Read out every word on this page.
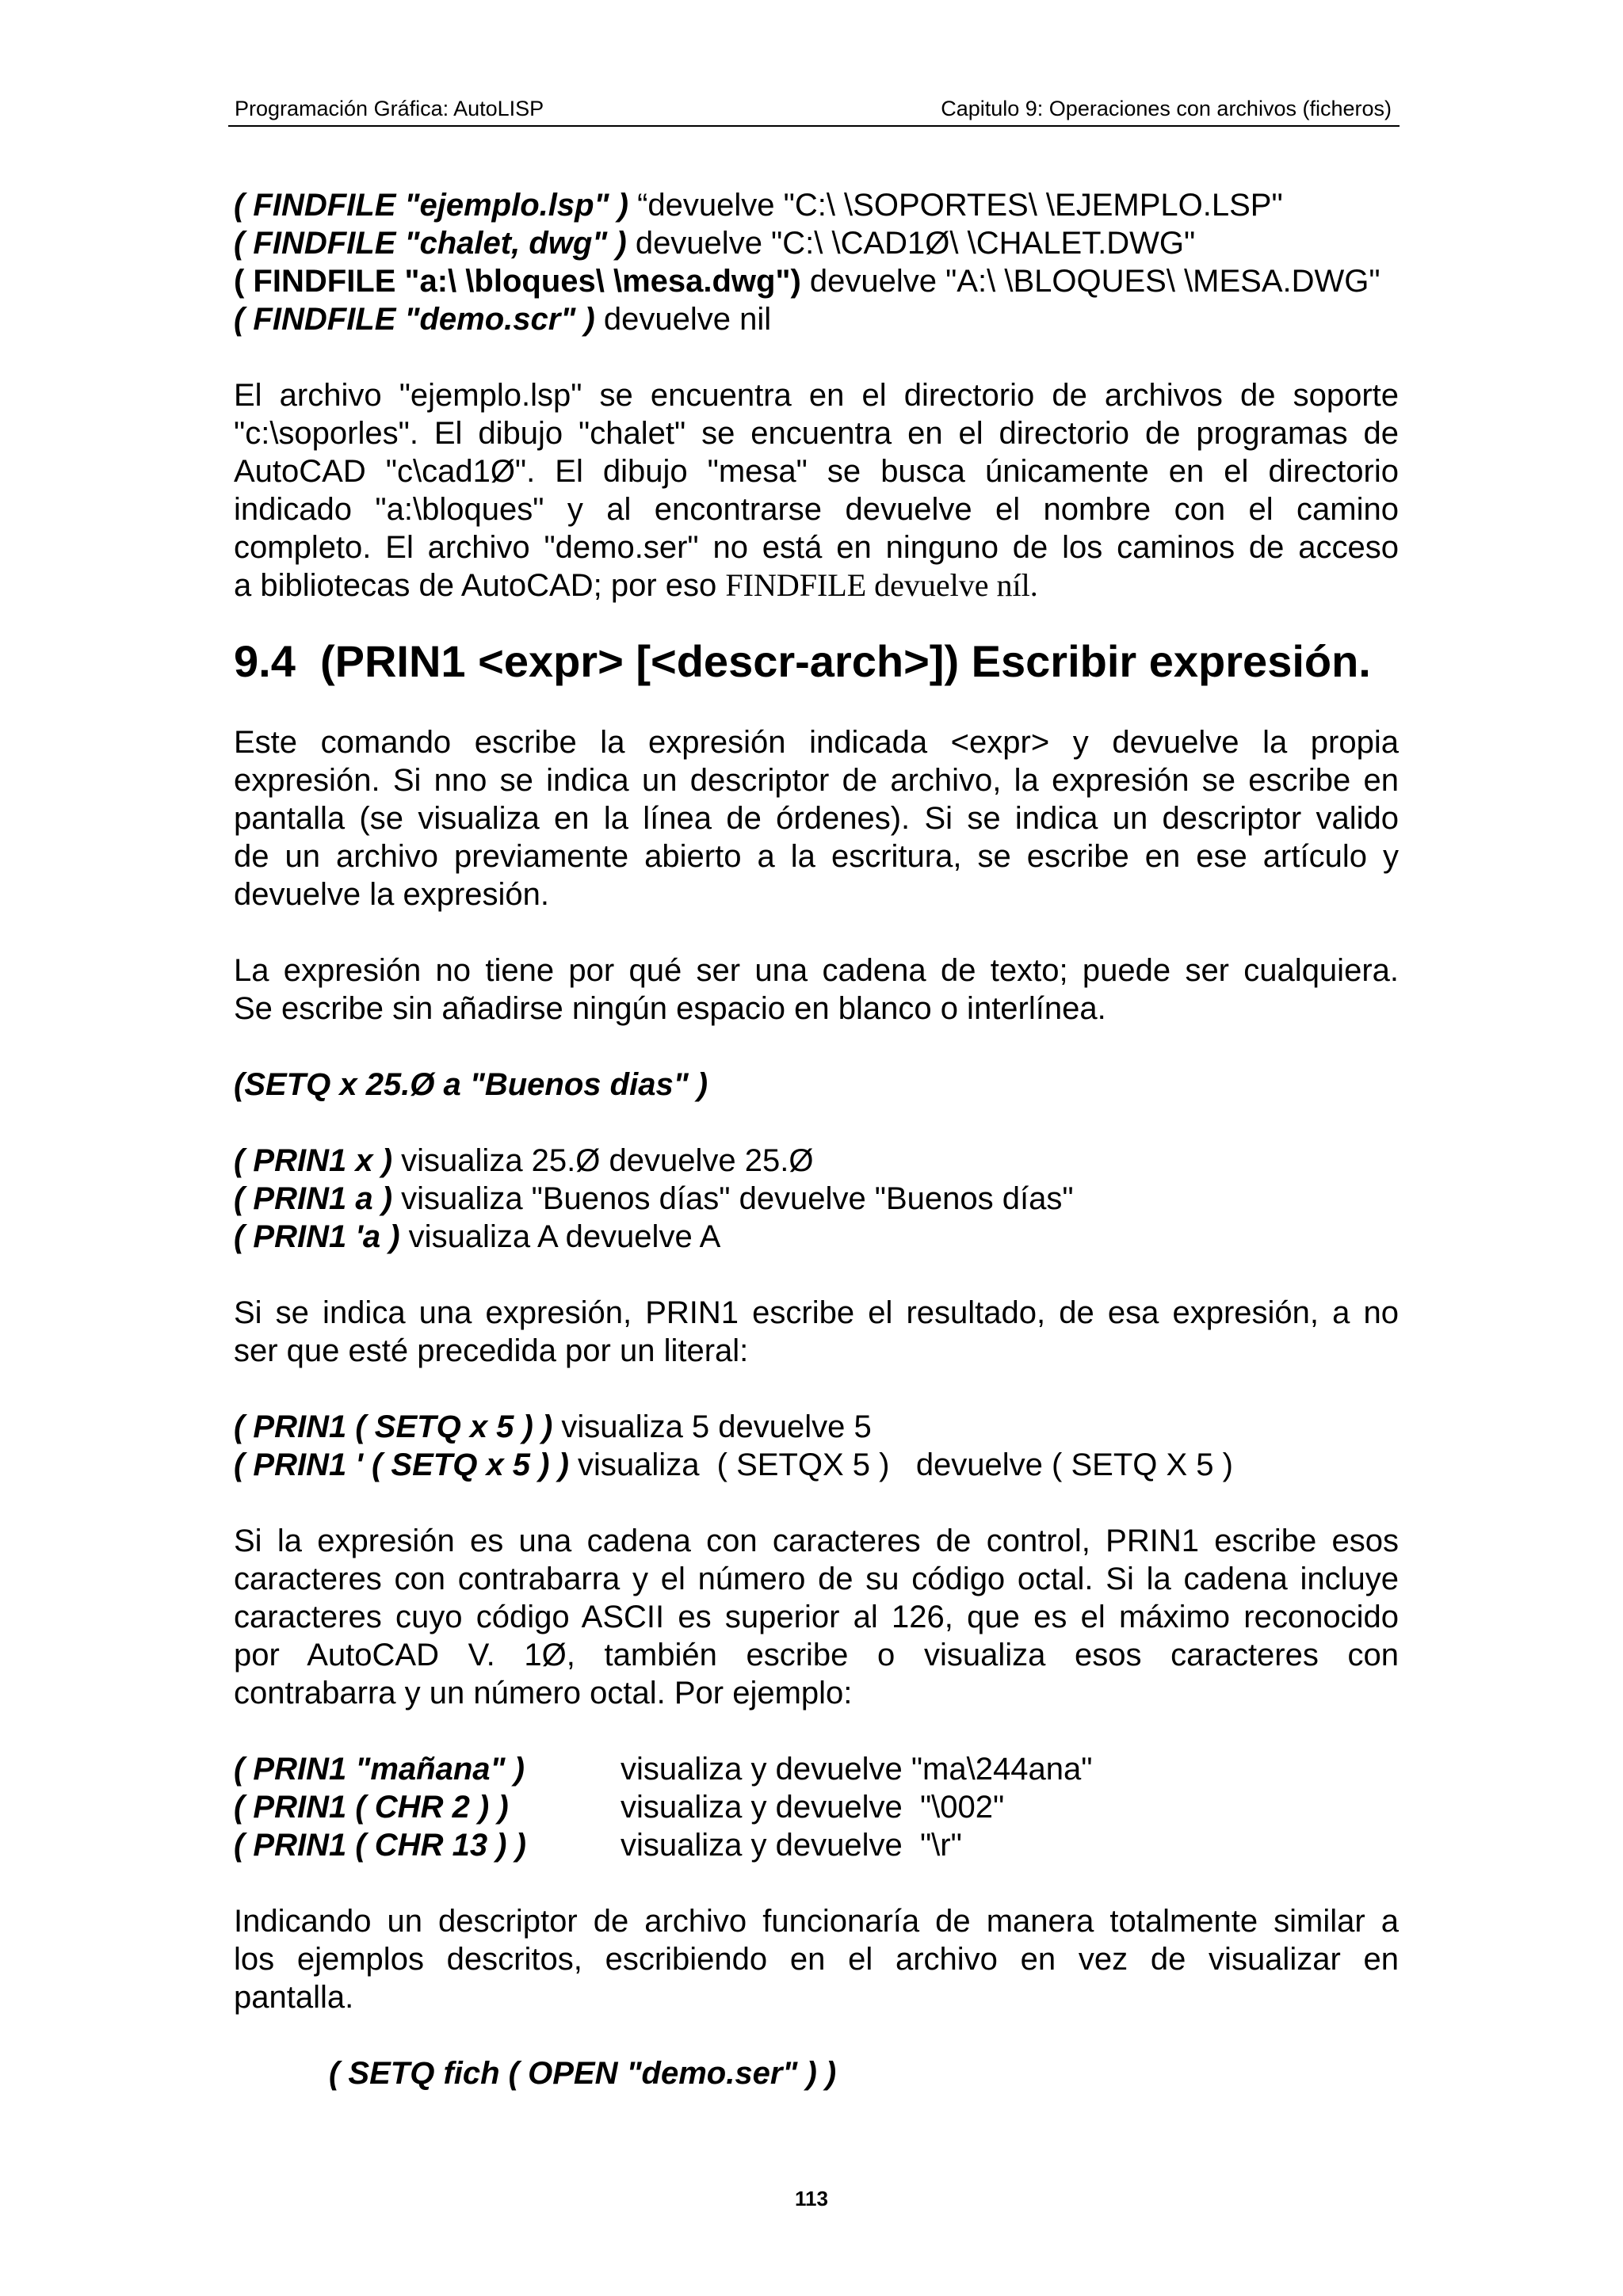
Programación Gráfica: AutoLISP	Capitulo 9: Operaciones con archivos (ficheros)
( FINDFILE "ejemplo.lsp" ) “devuelve "C:\ \SOPORTES\ \EJEMPLO.LSP"
( FINDFILE "chalet, dwg" ) devuelve "C:\ \CAD1Ø\ \CHALET.DWG"
( FINDFILE "a:\ \bloques\ \mesa.dwg") devuelve "A:\ \BLOQUES\ \MESA.DWG"
( FINDFILE "demo.scr" ) devuelve nil
El archivo "ejemplo.lsp" se encuentra en el directorio de archivos de soporte
"c:\soporles". El dibujo "chalet" se encuentra en el directorio de programas de
AutoCAD "c\cad1Ø". El dibujo "mesa" se busca únicamente en el directorio
indicado "a:\bloques" y al encontrarse devuelve el nombre con el camino
completo. El archivo "demo.ser" no está en ninguno de los caminos de acceso
a bibliotecas de AutoCAD; por eso FINDFILE devuelve níl.
9.4  (PRIN1 <expr> [<descr-arch>]) Escribir expresión.
Este comando escribe la expresión indicada <expr> y devuelve la propia
expresión. Si nno se indica un descriptor de archivo, la expresión se escribe en
pantalla (se visualiza en la línea de órdenes). Si se indica un descriptor valido
de un archivo previamente abierto a la escritura, se escribe en ese artículo y
devuelve la expresión.
La expresión no tiene por qué ser una cadena de texto; puede ser cualquiera.
Se escribe sin añadirse ningún espacio en blanco o interlínea.
(SETQ x 25.Ø a "Buenos dias" )
( PRIN1 x ) visualiza 25.Ø devuelve 25.Ø
( PRIN1 a ) visualiza "Buenos días" devuelve "Buenos días"
( PRIN1 'a ) visualiza A devuelve A
Si se indica una expresión, PRIN1 escribe el resultado, de esa expresión, a no
ser que esté precedida por un literal:
( PRIN1 ( SETQ x 5 ) ) visualiza 5 devuelve 5
( PRIN1 ' ( SETQ x 5 ) ) visualiza  ( SETQX 5 )   devuelve ( SETQ X 5 )
Si la expresión es una cadena con caracteres de control, PRIN1 escribe esos
caracteres con contrabarra y el número de su código octal. Si la cadena incluye
caracteres cuyo código ASCII es superior al 126, que es el máximo reconocido
por AutoCAD V. 1Ø, también escribe o visualiza esos caracteres con
contrabarra y un número octal. Por ejemplo:
( PRIN1 "mañana" )	visualiza y devuelve "ma\244ana"
( PRIN1 ( CHR 2 ) )	visualiza y devuelve  "\002"
( PRIN1 ( CHR 13 ) )	visualiza y devuelve  "\r"
Indicando un descriptor de archivo funcionaría de manera totalmente similar a
los ejemplos descritos, escribiendo en el archivo en vez de visualizar en
pantalla.
( SETQ fich ( OPEN "demo.ser" ) )
113
